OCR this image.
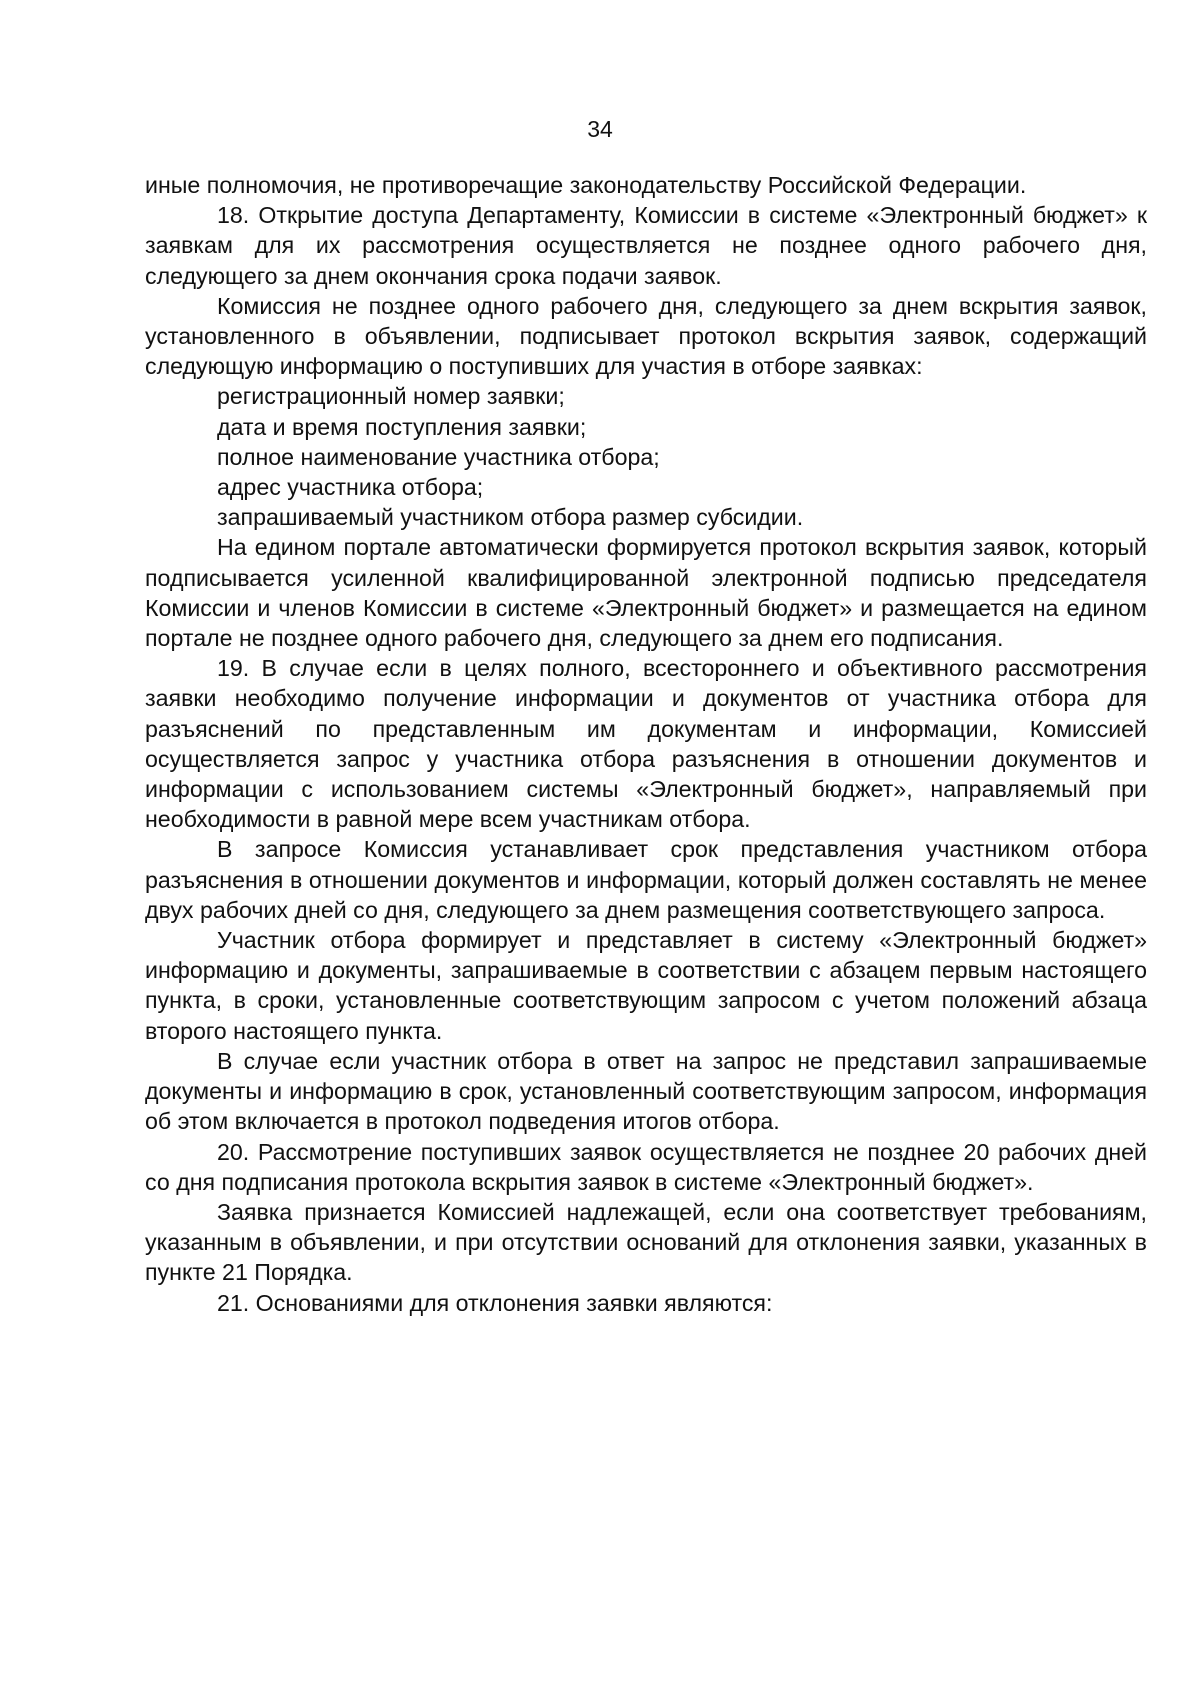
34

иные полномочия, не противоречащие законодательству Российской Федерации.

18. Открытие доступа Департаменту, Комиссии в системе «Электронный бюджет» к заявкам для их рассмотрения осуществляется не позднее одного рабочего дня, следующего за днем окончания срока подачи заявок.

Комиссия не позднее одного рабочего дня, следующего за днем вскрытия заявок, установленного в объявлении, подписывает протокол вскрытия заявок, содержащий следующую информацию о поступивших для участия в отборе заявках:

регистрационный номер заявки;

дата и время поступления заявки;

полное наименование участника отбора;

адрес участника отбора;

запрашиваемый участником отбора размер субсидии.

На едином портале автоматически формируется протокол вскрытия заявок, который подписывается усиленной квалифицированной электронной подписью председателя Комиссии и членов Комиссии в системе «Электронный бюджет» и размещается на едином портале не позднее одного рабочего дня, следующего за днем его подписания.

19. В случае если в целях полного, всестороннего и объективного рассмотрения заявки необходимо получение информации и документов от участника отбора для разъяснений по представленным им документам и информации, Комиссией осуществляется запрос у участника отбора разъяснения в отношении документов и информации с использованием системы «Электронный бюджет», направляемый при необходимости в равной мере всем участникам отбора.

В запросе Комиссия устанавливает срок представления участником отбора разъяснения в отношении документов и информации, который должен составлять не менее двух рабочих дней со дня, следующего за днем размещения соответствующего запроса.

Участник отбора формирует и представляет в систему «Электронный бюджет» информацию и документы, запрашиваемые в соответствии с абзацем первым настоящего пункта, в сроки, установленные соответствующим запросом с учетом положений абзаца второго настоящего пункта.

В случае если участник отбора в ответ на запрос не представил запрашиваемые документы и информацию в срок, установленный соответствующим запросом, информация об этом включается в протокол подведения итогов отбора.

20. Рассмотрение поступивших заявок осуществляется не позднее 20 рабочих дней со дня подписания протокола вскрытия заявок в системе «Электронный бюджет».

Заявка признается Комиссией надлежащей, если она соответствует требованиям, указанным в объявлении, и при отсутствии оснований для отклонения заявки, указанных в пункте 21 Порядка.

21. Основаниями для отклонения заявки являются:
